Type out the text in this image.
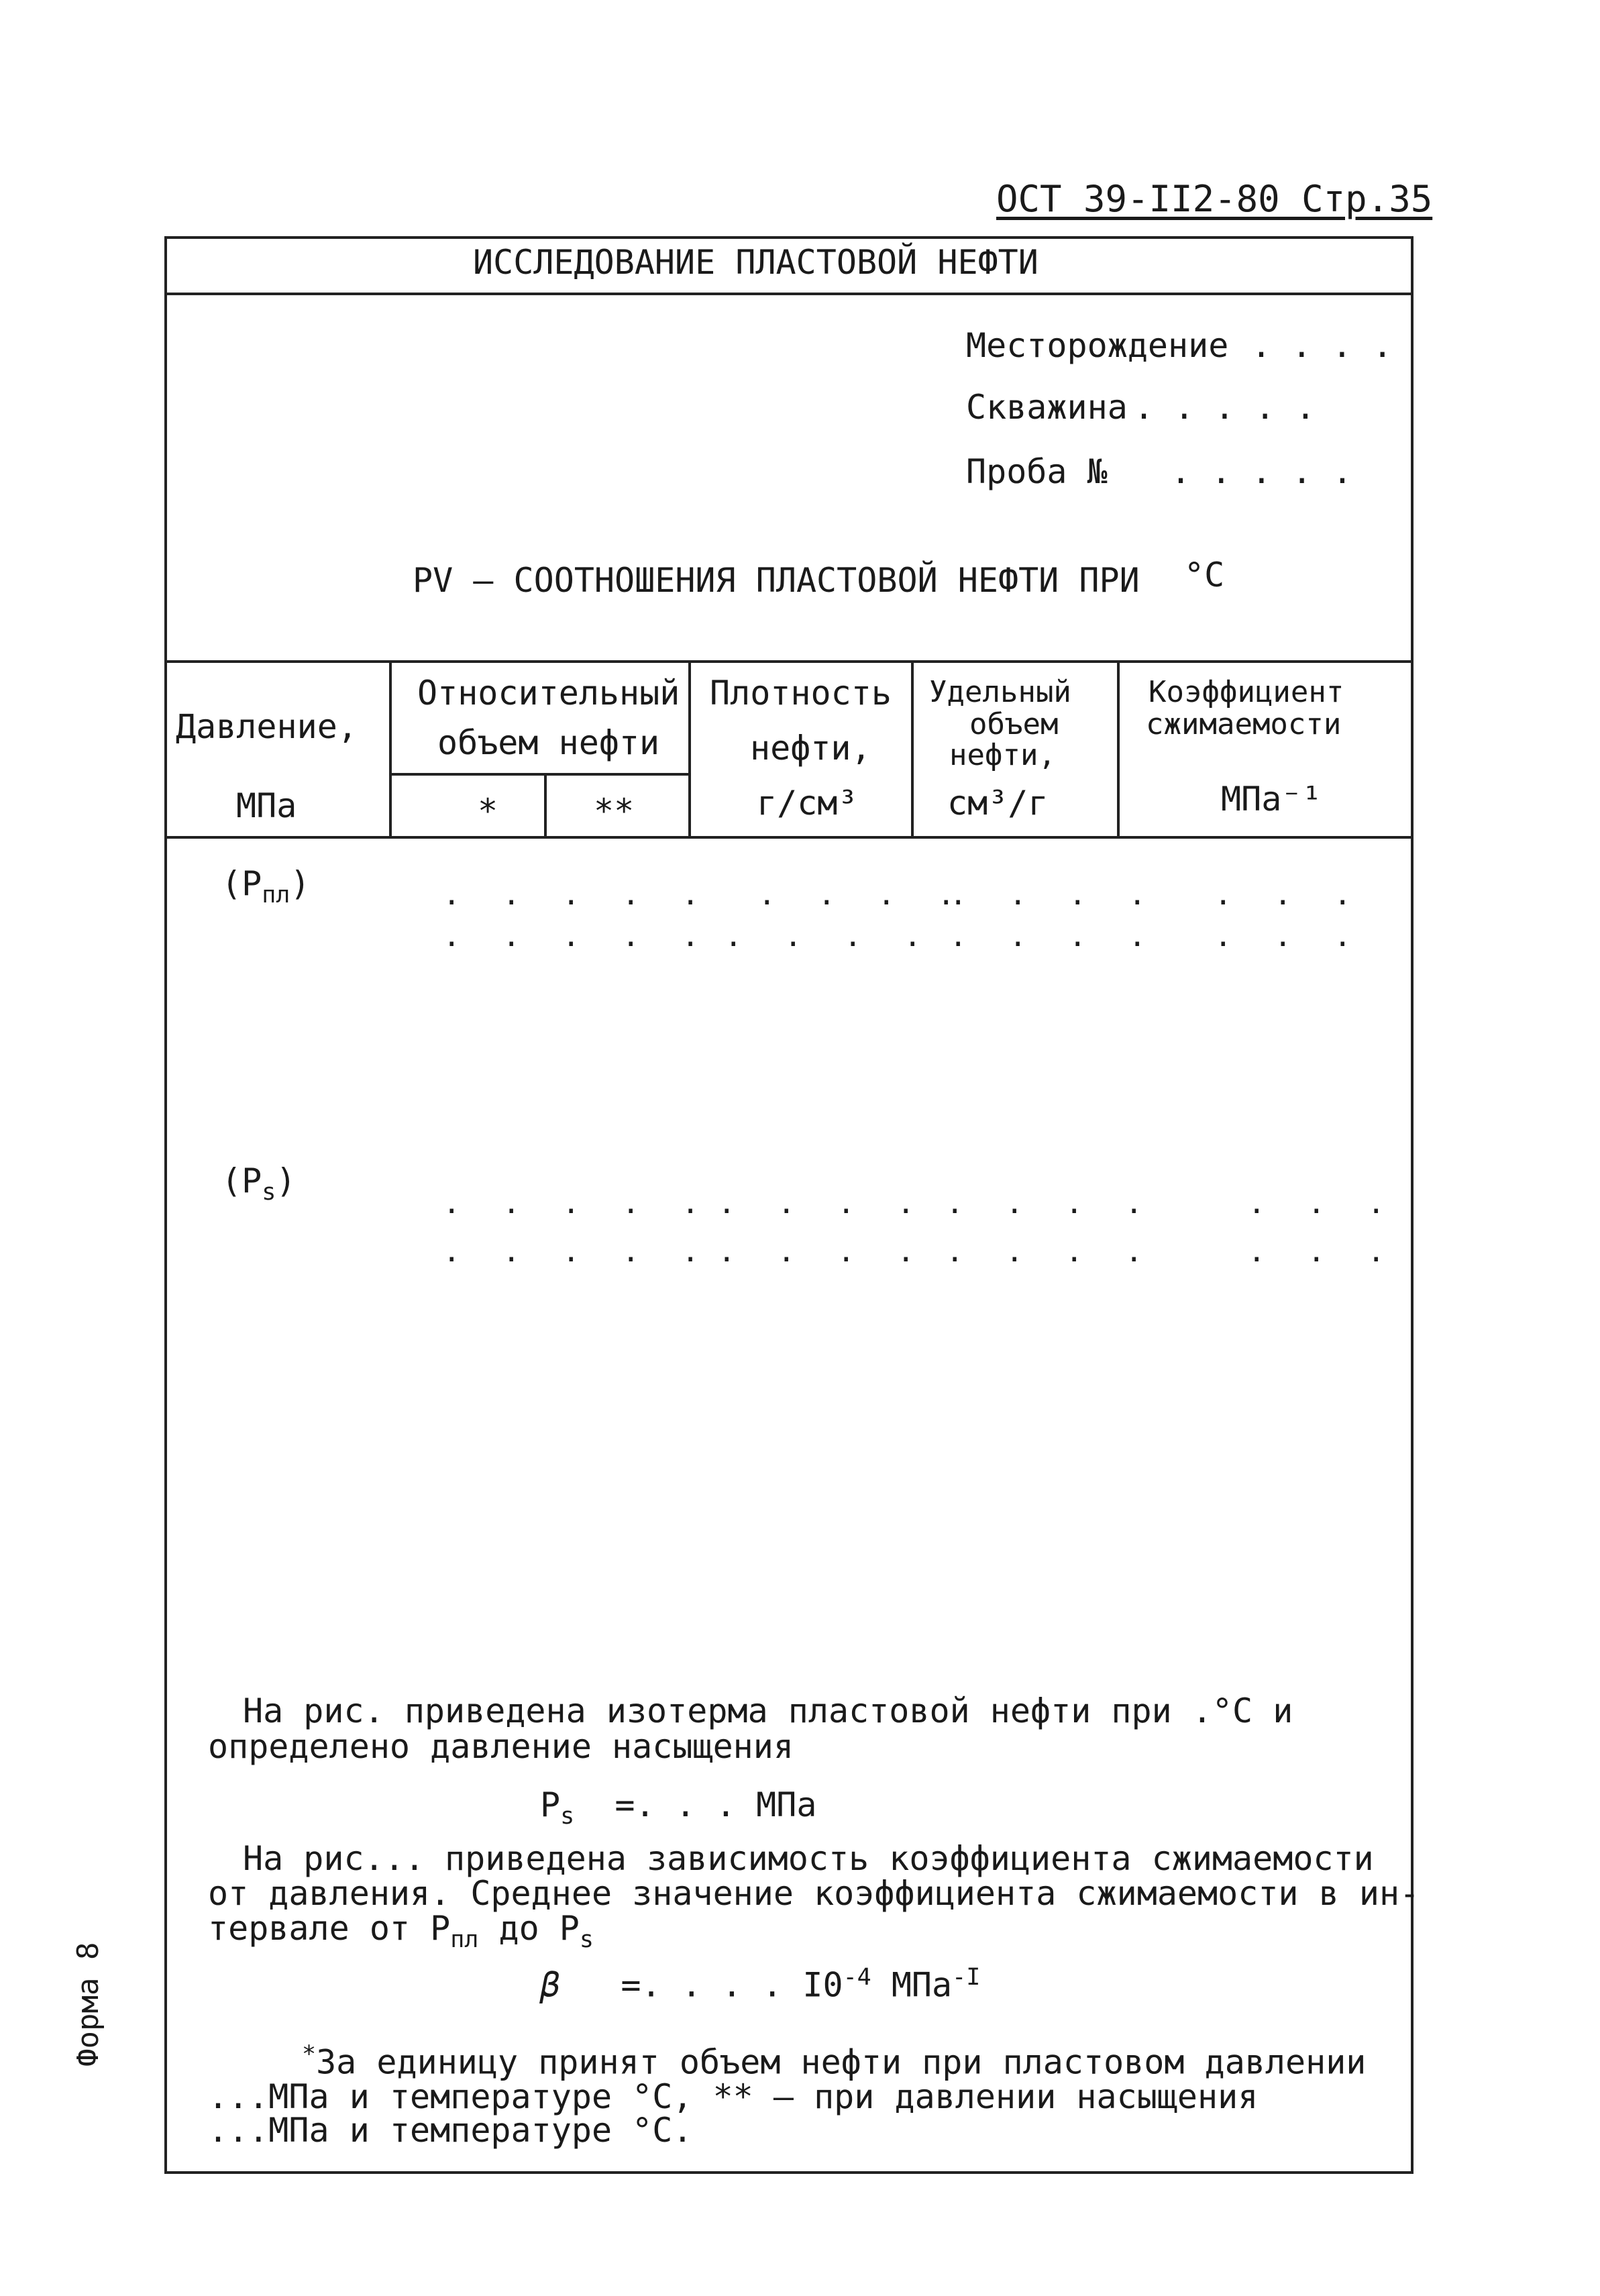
ОСТ 39-II2-80 Стр.35
ИССЛЕДОВАНИЕ ПЛАСТОВОЙ НЕФТИ
Месторождение . . . .
Скважина . . . . .
Проба № . . . . .
PV – СООТНОШЕНИЯ ПЛАСТОВОЙ НЕФТИ ПРИ °C
Давление,
МПа
Относительный
объем нефти
*	**
Плотность
нефти,
г/см³
Удельный
объем
нефти,
см³/г
Коэффициент
сжимаемости
МПа⁻¹
$(P_{пл})$	. . . . .
. . . . .
. . . .
. . . .
. . . .
. . . .
. . .
. . .
$(P_s)$
. . . . .
. . . . .
. . . .
. . . .
. . . .
. . . .
. . .
. . .
На рис. приведена изотерма пластовой нефти при .°C и
определено давление насыщения
$P_s$ =. . . МПа
На рис... приведена зависимость коэффициента сжимаемости
от давления. Среднее значение коэффициента сжимаемости в ин-
тервале от $P_{пл}$ до $P_s$
β =. . . . $I0^{-4}$ МПа$^{-I}$
*За единицу принят объем нефти при пластовом давлении
...МПа и температуре °C, ** – при давлении насыщения
...МПа и температуре °C.
Форма 8
